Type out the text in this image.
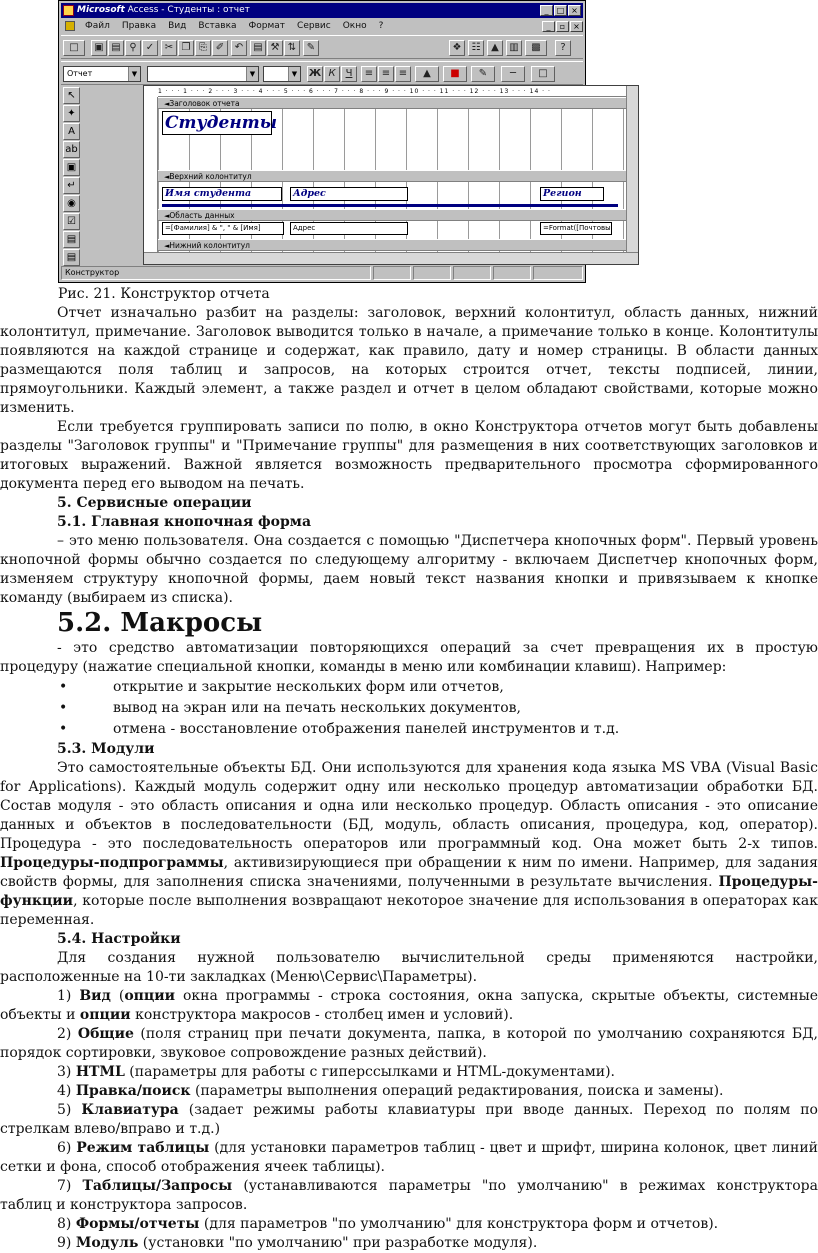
Microsoft Access - Студенты : отчет	_	□ ×
Файл	Правка	Вид	Вставка	Формат	Сервис	Окно	?	_	▫ ×
□	▣ ▤ ⚲ ✓	✂ ❐ ⎘ ✐	↶	▤ ⚒ ⇅	✎	❖	☷	▲	▥	▩	?
Отчет	▼	▼	▼ Ж К	Ч	≡ ≡ ≡	▲	■	✎	─	□
↖
✦
A
ab
▣
↵
◉
☑
▤
▤
1 · · · 1 · · · 2 · · · 3 · · · 4 · · · 5 · · · 6 · · · 7 · · · 8 · · · 9 · · · 10 · · · 11 · · · 12 · · · 13 · · · 14 · ·
◄ Заголовок отчета
Студенты
◄ Верхний колонтитул
Имя студента	Адрес	Регион
◄ Область данных
=[Фамилия] & ", " & [Имя]	Адрес	=Format([Почтовы
◄ Нижний колонтитул
Конструктор
Рис. 21. Конструктор отчета

Отчет изначально разбит на разделы: заголовок, верхний колонтитул, область данных, нижний колонтитул, примечание. Заголовок выводится только в начале, а примечание только в конце. Колонтитулы появляются на каждой странице и содержат, как правило, дату и номер страницы. В области данных размещаются поля таблиц и запросов, на которых строится отчет, тексты подписей, линии, прямоугольники. Каждый элемент, а также раздел и отчет в целом обладают свойствами, которые можно изменить.

Если требуется группировать записи по полю, в окно Конструктора отчетов могут быть добавлены разделы "Заголовок группы" и "Примечание группы" для размещения в них соответствующих заголовков и итоговых выражений. Важной является возможность предварительного просмотра сформированного документа перед его выводом на печать.

5. Сервисные операции
5.1. Главная кнопочная форма

– это меню пользователя. Она создается с помощью "Диспетчера кнопочных форм". Первый уровень кнопочной формы обычно создается по следующему алгоритму - включаем Диспетчер кнопочных форм, изменяем структуру кнопочной формы, даем новый текст названия кнопки и привязываем к кнопке команду (выбираем из списка).

5.2. Макросы

- это средство автоматизации повторяющихся операций за счет превращения их в простую процедуру (нажатие специальной кнопки, команды в меню или комбинации клавиш). Например:

• открытие и закрытие нескольких форм или отчетов,
• вывод на экран или на печать нескольких документов,
• отмена - восстановление отображения панелей инструментов и т.д.
5.3. Модули

Это самостоятельные объекты БД. Они используются для хранения кода языка MS VBA (Visual Basic for Applications). Каждый модуль содержит одну или несколько процедур автоматизации обработки БД. Состав модуля - это область описания и одна или несколько процедур. Область описания - это описание данных и объектов в последовательности (БД, модуль, область описания, процедура, код, оператор). Процедура - это последовательность операторов или программный код. Она может быть 2-х типов. Процедуры-подпрограммы, активизирующиеся при обращении к ним по имени. Например, для задания свойств формы, для заполнения списка значениями, полученными в результате вычисления. Процедуры-функции, которые после выполнения возвращают некоторое значение для использования в операторах как переменная.

5.4. Настройки

Для создания нужной пользователю вычислительной среды применяются настройки, расположенные на 10-ти закладках (Меню\Сервис\Параметры).

1) Вид (опции окна программы - строка состояния, окна запуска, скрытые объекты, системные объекты и опции конструктора макросов - столбец имен и условий).

2) Общие (поля страниц при печати документа, папка, в которой по умолчанию сохраняются БД, порядок сортировки, звуковое сопровождение разных действий).

3) HTML (параметры для работы с гиперссылками и HTML-документами).

4) Правка/поиск (параметры выполнения операций редактирования, поиска и замены).

5) Клавиатура (задает режимы работы клавиатуры при вводе данных. Переход по полям по стрелкам влево/вправо и т.д.)

6) Режим таблицы (для установки параметров таблиц - цвет и шрифт, ширина колонок, цвет линий сетки и фона, способ отображения ячеек таблицы).

7) Таблицы/Запросы (устанавливаются параметры "по умолчанию" в режимах конструктора таблиц и конструктора запросов.

8) Формы/отчеты (для параметров "по умолчанию" для конструктора форм и отчетов).

9) Модуль (установки "по умолчанию" при разработке модуля).
